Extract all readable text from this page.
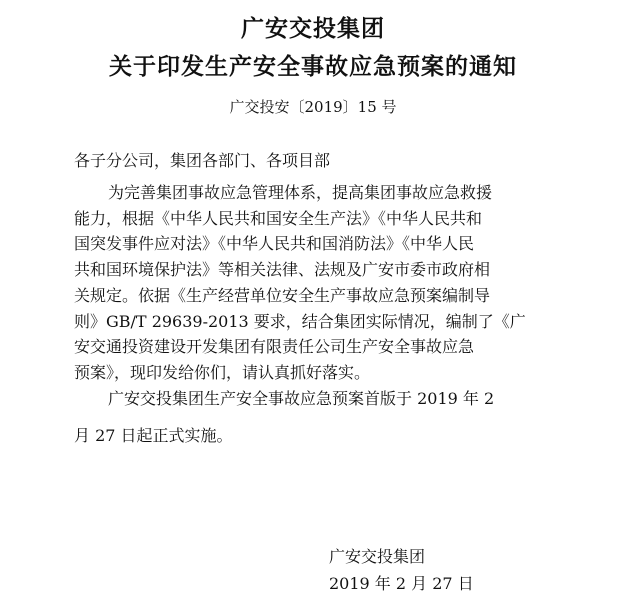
广安交投集团
关于印发生产安全事故应急预案的通知
广交投安〔2019〕15 号
各子分公司，集团各部门、各项目部
为完善集团事故应急管理体系，提高集团事故应急救援
能力，根据《中华人民共和国安全生产法》《中华人民共和
国突发事件应对法》《中华人民共和国消防法》《中华人民
共和国环境保护法》等相关法律、法规及广安市委市政府相
关规定。依据《生产经营单位安全生产事故应急预案编制导
则》GB/T 29639-2013 要求，结合集团实际情况，编制了《广
安交通投资建设开发集团有限责任公司生产安全事故应急
预案》，现印发给你们，请认真抓好落实。
广安交投集团生产安全事故应急预案首版于 2019 年 2
月 27 日起正式实施。
广安交投集团
2019 年 2 月 27 日
